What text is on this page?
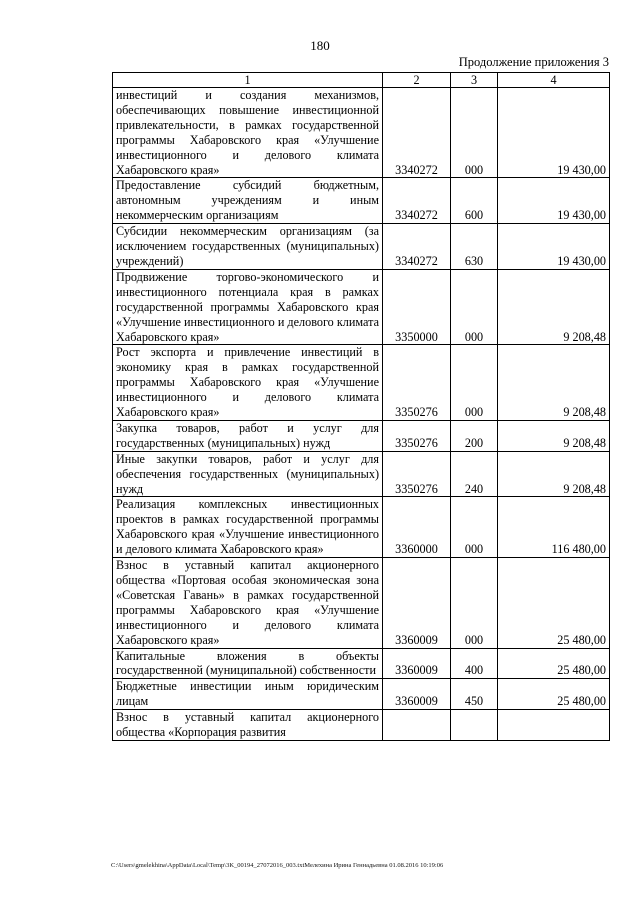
180
Продолжение приложения 3
1	2	3	4
инвестиций и создания механизмов, обеспечивающих повышение инвестиционной привлекательности, в рамках государственной программы Хабаровского края «Улучшение инвестиционного и делового климата Хабаровского края»	3340272	000	19 430,00
Предоставление субсидий бюджетным, автономным учреждениям и иным некоммерческим организациям	3340272	600	19 430,00
Субсидии некоммерческим организациям (за исключением государственных (муниципальных) учреждений)	3340272	630	19 430,00
Продвижение торгово-экономического и инвестиционного потенциала края в рамках государственной программы Хабаровского края «Улучшение инвестиционного и делового климата Хабаровского края»	3350000	000	9 208,48
Рост экспорта и привлечение инвестиций в экономику края в рамках государственной программы Хабаровского края «Улучшение инвестиционного и делового климата Хабаровского края»	3350276	000	9 208,48
Закупка товаров, работ и услуг для государственных (муниципальных) нужд	3350276	200	9 208,48
Иные закупки товаров, работ и услуг для обеспечения государственных (муниципальных) нужд	3350276	240	9 208,48
Реализация комплексных инвестиционных проектов в рамках государственной программы Хабаровского края «Улучшение инвестиционного и делового климата Хабаровского края»	3360000	000	116 480,00
Взнос в уставный капитал акционерного общества «Портовая особая экономическая зона «Советская Гавань» в рамках государственной программы Хабаровского края «Улучшение инвестиционного и делового климата Хабаровского края»	3360009	000	25 480,00
Капитальные вложения в объекты государственной (муниципальной) собственности	3360009	400	25 480,00
Бюджетные инвестиции иным юридическим лицам	3360009	450	25 480,00
Взнос в уставный капитал акционерного общества «Корпорация развития			
C:\Users\gmelekhina\AppData\Local\Temp\3K_00194_27072016_003.txtМелехина Ирина Геннадьевна 01.08.2016 10:19:06
